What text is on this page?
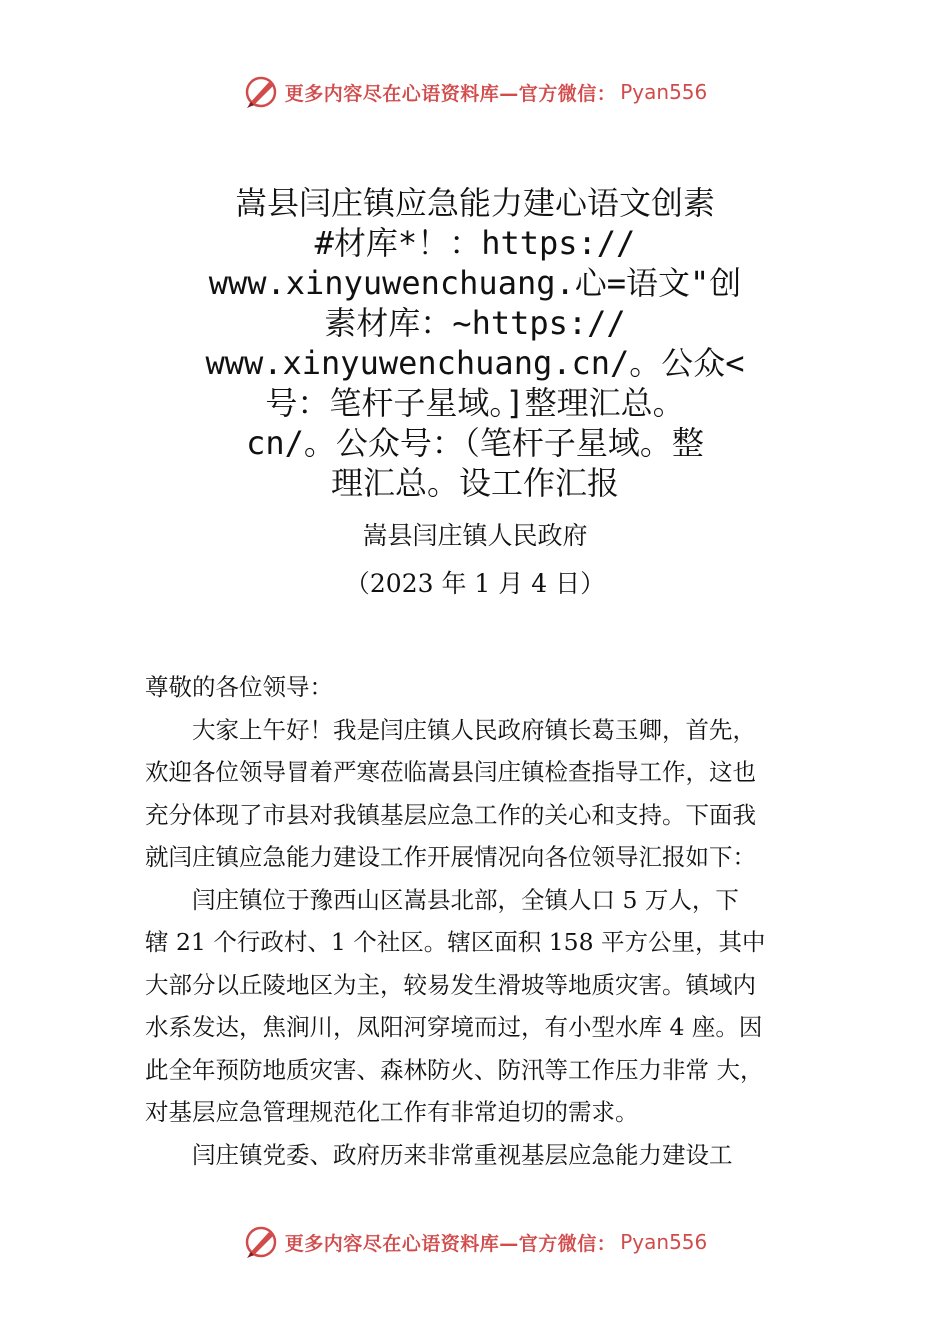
更多内容尽在心语资料库—官方微信： Pyan556
嵩县闫庄镇应急能力建心语文创素
#材库*！：https://
www.xinyuwenchuang.心=语文"创
素材库：~https://
www.xinyuwenchuang.cn/。公众<
号：笔杆子星域。]整理汇总。
cn/。公众号：（笔杆子星域。整
理汇总。设工作汇报
嵩县闫庄镇人民政府
（2023 年 1 月 4 日）
尊敬的各位领导：
大家上午好！我是闫庄镇人民政府镇长葛玉卿，首先，
欢迎各位领导冒着严寒莅临嵩县闫庄镇检查指导工作，这也
充分体现了市县对我镇基层应急工作的关心和支持。下面我
就闫庄镇应急能力建设工作开展情况向各位领导汇报如下：
闫庄镇位于豫西山区嵩县北部，全镇人口 5 万人，下
辖 21 个行政村、1 个社区。辖区面积 158 平方公里，其中
大部分以丘陵地区为主，较易发生滑坡等地质灾害。镇域内
水系发达，焦涧川，凤阳河穿境而过，有小型水库 4 座。因
此全年预防地质灾害、森林防火、防汛等工作压力非常 大，
对基层应急管理规范化工作有非常迫切的需求。
闫庄镇党委、政府历来非常重视基层应急能力建设工
更多内容尽在心语资料库—官方微信： Pyan556
